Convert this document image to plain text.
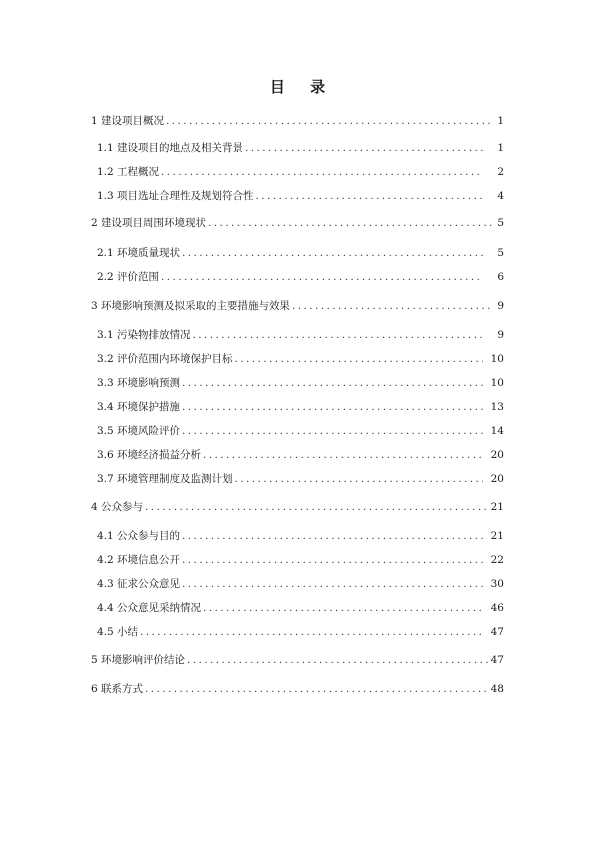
目 录
1 建设项目概况 .....	1
1.1 建设项目的地点及相关背景 .....	1
1.2 工程概况 .....	2
1.3 项目选址合理性及规划符合性 .....	4
2 建设项目周围环境现状 .....	5
2.1 环境质量现状 .....	5
2.2 评价范围 .....	6
3 环境影响预测及拟采取的主要措施与效果 .....	9
3.1 污染物排放情况 .....	9
3.2 评价范围内环境保护目标 .....	10
3.3 环境影响预测 .....	10
3.4 环境保护措施 .....	13
3.5 环境风险评价 .....	14
3.6 环境经济损益分析 .....	20
3.7 环境管理制度及监测计划 .....	20
4 公众参与 .....	21
4.1 公众参与目的 .....	21
4.2 环境信息公开 .....	22
4.3 征求公众意见 .....	30
4.4 公众意见采纳情况 .....	46
4.5 小结 .....	47
5 环境影响评价结论 .....	47
6 联系方式 .....	48
